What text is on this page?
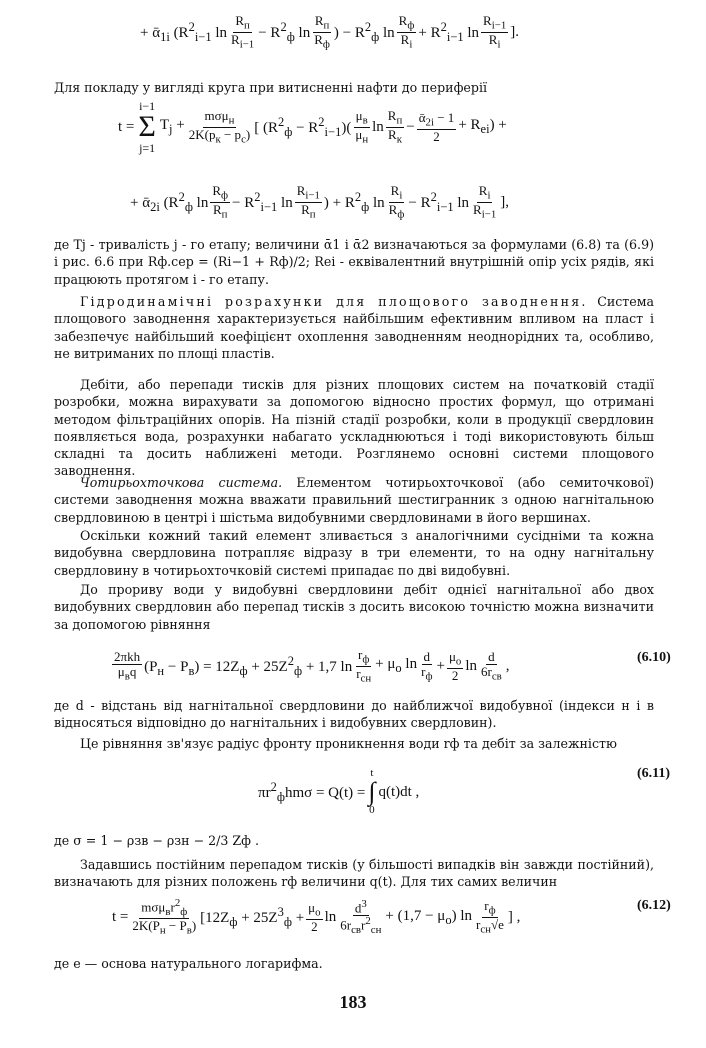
+ ᾱ$_{1i}$ ($R^2_{i-1}$ $\ln \frac{R_п}{R_{i-1}} - R^2_ф$ $\ln \frac{R_п}{R_ф}$ ) − $R^2_ф$ $\ln \frac{R_ф}{R_i} + R^2_{i-1}$ $\ln \frac{R_{i-1}}{R_i}$ ].
Для покладу у вигляді круга при витисненні нафти до периферії
t =
i−1
Σ
j=1
$T_j + \frac{m\sigma\mu_н}{2K(p_к - p_с)}$ [ $(R^2_ф - R^2_{i-1})( \frac{\mu_в}{\mu_н}$ $\ln \frac{R_п}{R_к} - \frac{ᾱ_{2i} - 1}{2} + R_{еі}$) +
+ ᾱ$_{2i}$ ($R^2_ф$ $\ln \frac{R_ф}{R_п} - R^2_{i-1}$ $\ln \frac{R_{i-1}}{R_п}$ ) + $R^2_ф$ $\ln \frac{R_i}{R_ф} - R^2_{i-1}$ $\ln \frac{R_i}{R_{i-1}}$ ],
де Tj - тривалість j - го етапу; величини ᾱ1 і ᾱ2 визначаються за формулами (6.8) та (6.9) і рис. 6.6 при Rф.сер = (Ri−1 + Rф)/2; Rеі - еквівалентний внутрішній опір усіх рядів, які працюють протягом i - го етапу.
Гідродинамічні розрахунки для площового заводнення. Система площового заводнення характеризується найбільшим ефективним впливом на пласт і забезпечує найбільший коефіцієнт охоплення заводненням неоднорідних та, особливо, не витриманих по площі пластів.
Дебіти, або перепади тисків для різних площових систем на початковій стадії розробки, можна вирахувати за допомогою відносно простих формул, що отримані методом фільтраційних опорів. На пізній стадії розробки, коли в продукції свердловин появляється вода, розрахунки набагато ускладнюються і тоді використовують більш складні та досить наближені методи. Розглянемо основні системи площового заводнення.
Чотирьохточкова система. Елементом чотирьохточкової (або семиточкової) системи заводнення можна вважати правильний шестигранник з одною нагнітальною свердловиною в центрі і шістьма видобувними свердловинами в його вершинах.
Оскільки кожний такий елемент зливається з аналогічними сусідніми та кожна видобувна свердловина потрапляє відразу в три елементи, то на одну нагнітальну свердловину в чотирьохточковій системі припадає по дві видобувні.
До прориву води у видобувні свердловини дебіт однієї нагнітальної або двох видобувних свердловин або перепад тисків з досить високою точністю можна визначити за допомогою рівняння
$\frac{\text{2πkh}}{\mu_вq} (P_н - P_в) = 12Z_ф + 25Z^2_ф + 1,7$ $\ln \frac{r_ф}{r_{сн}} + \mu_о$ $\ln \frac{d}{r_ф} + \frac{\mu_о}{2}$ $\ln \frac{d}{6r_{св}}$ ,
(6.10)
де d - відстань від нагнітальної свердловини до найближчої видобувної (індекси н і в відносяться відповідно до нагнітальних і видобувних свердловин).
Це рівняння зв'язує радіус фронту проникнення води rф та дебіт за залежністю
$\pi r^2_фhm\sigma = Q(t)$ =
t
∫
0
q(t)dt ,
(6.11)
де σ = 1 − ρзв − ρзн − 2/3 Zф .
Задавшись постійним перепадом тисків (у більшості випадків він завжди постійний), визначають для різних положень rф величини q(t). Для тих самих величин
$t = \frac{m\sigma\mu_вr^2_ф}{2K(P_н - P_в)} [12Z_ф + 25Z^3_ф + \frac{\mu_о}{2}$ $\ln \frac{d^3}{6r_{св}r^2_{сн}} + (1,7 - \mu_о)$ $\ln \frac{r_ф}{r_{сн}√e}$ ] ,
(6.12)
де e — основа натурального логарифма.
183
